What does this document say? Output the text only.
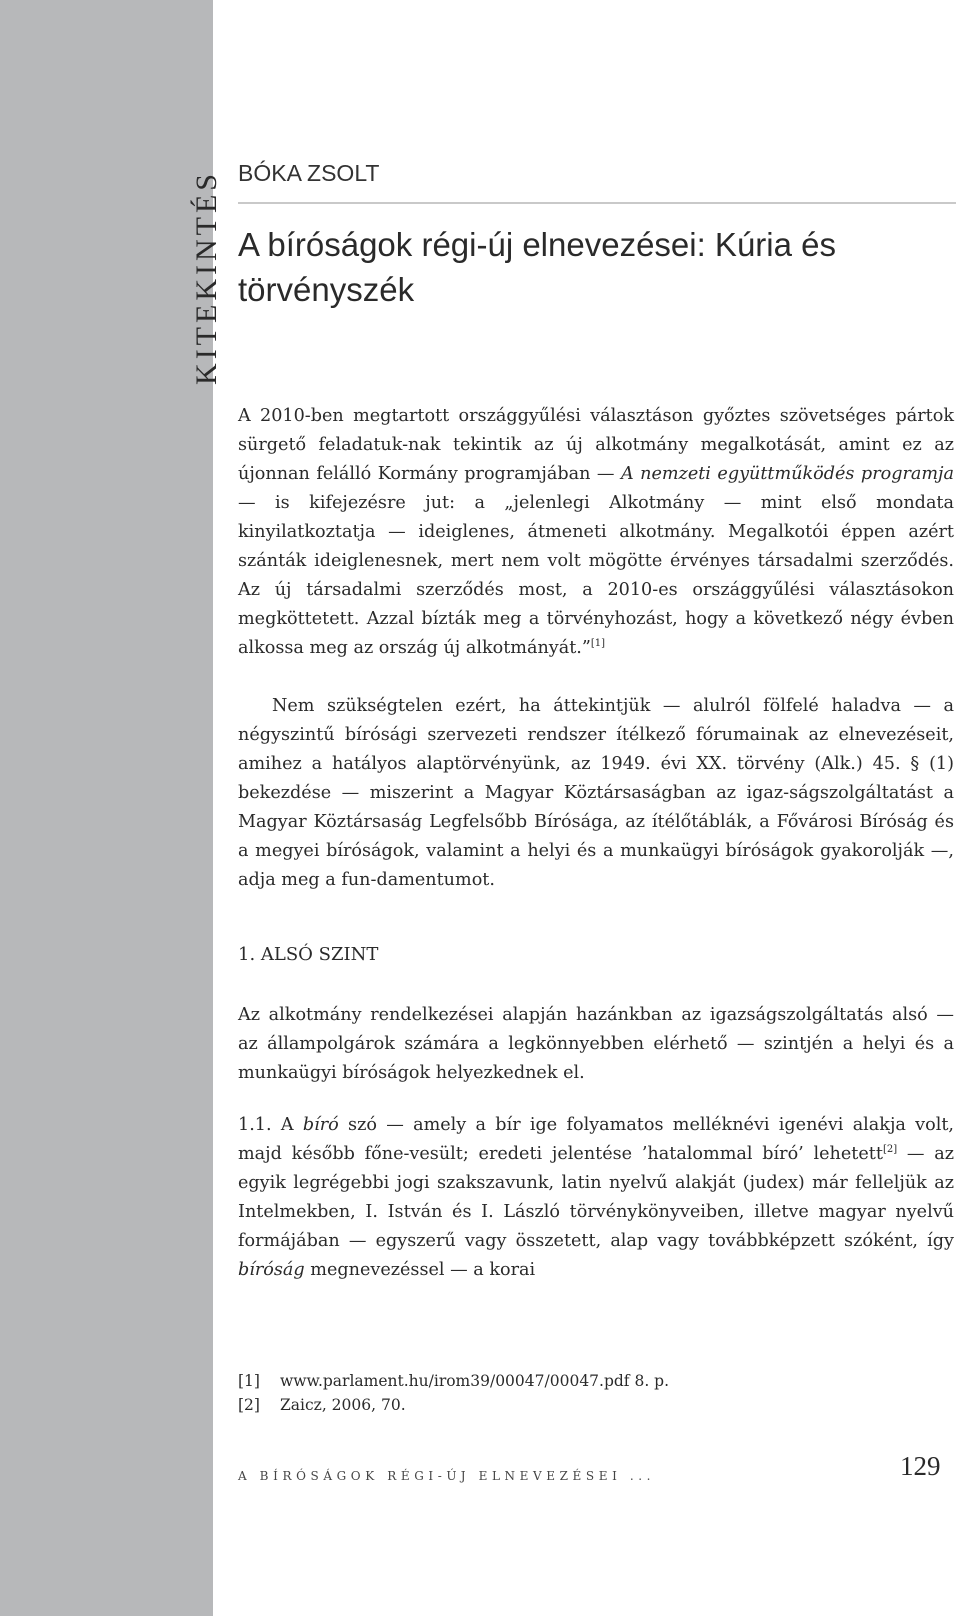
KITEKINTÉS BÓKA ZSOLT
A bíróságok régi-új elnevezései: Kúria és törvényszék

A 2010-ben megtartott országgyűlési választáson győztes szövetséges pártok sürgető feladatuk-nak tekintik az új alkotmány megalkotását, amint ez az újonnan felálló Kormány programjában — A nemzeti együttműködés programja — is kifejezésre jut: a „jelenlegi Alkotmány — mint első mondata kinyilatkoztatja — ideiglenes, átmeneti alkotmány. Megalkotói éppen azért szánták ideiglenesnek, mert nem volt mögötte érvényes társadalmi szerződés. Az új társadalmi szerződés most, a 2010-es országgyűlési választásokon megköttetett. Azzal bízták meg a törvényhozást, hogy a következő négy évben alkossa meg az ország új alkotmányát.”[1]

Nem szükségtelen ezért, ha áttekintjük — alulról fölfelé haladva — a négyszintű bírósági szervezeti rendszer ítélkező fórumainak az elnevezéseit, amihez a hatályos alaptörvényünk, az 1949. évi XX. törvény (Alk.) 45. § (1) bekezdése — miszerint a Magyar Köztársaságban az igaz-ságszolgáltatást a Magyar Köztársaság Legfelsőbb Bírósága, az ítélőtáblák, a Fővárosi Bíróság és a megyei bíróságok, valamint a helyi és a munkaügyi bíróságok gyakorolják —, adja meg a fun-damentumot.

1. ALSÓ SZINT

Az alkotmány rendelkezései alapján hazánkban az igazságszolgáltatás alsó — az állampolgárok számára a legkönnyebben elérhető — szintjén a helyi és a munkaügyi bíróságok helyezkednek el.

1.1. A bíró szó — amely a bír ige folyamatos melléknévi igenévi alakja volt, majd később főne-vesült; eredeti jelentése ’hatalommal bíró’ lehetett[2] — az egyik legrégebbi jogi szakszavunk, latin nyelvű alakját (judex) már felleljük az Intelmekben, I. István és I. László törvénykönyveiben, illetve magyar nyelvű formájában — egyszerű vagy összetett, alap vagy továbbképzett szóként, így bíróság megnevezéssel — a korai

[1] www.parlament.hu/irom39/00047/00047.pdf 8. p.
[2] Zaicz, 2006, 70.
A BÍRÓSÁGOK RÉGI-ÚJ ELNEVEZÉSEI ...	129
